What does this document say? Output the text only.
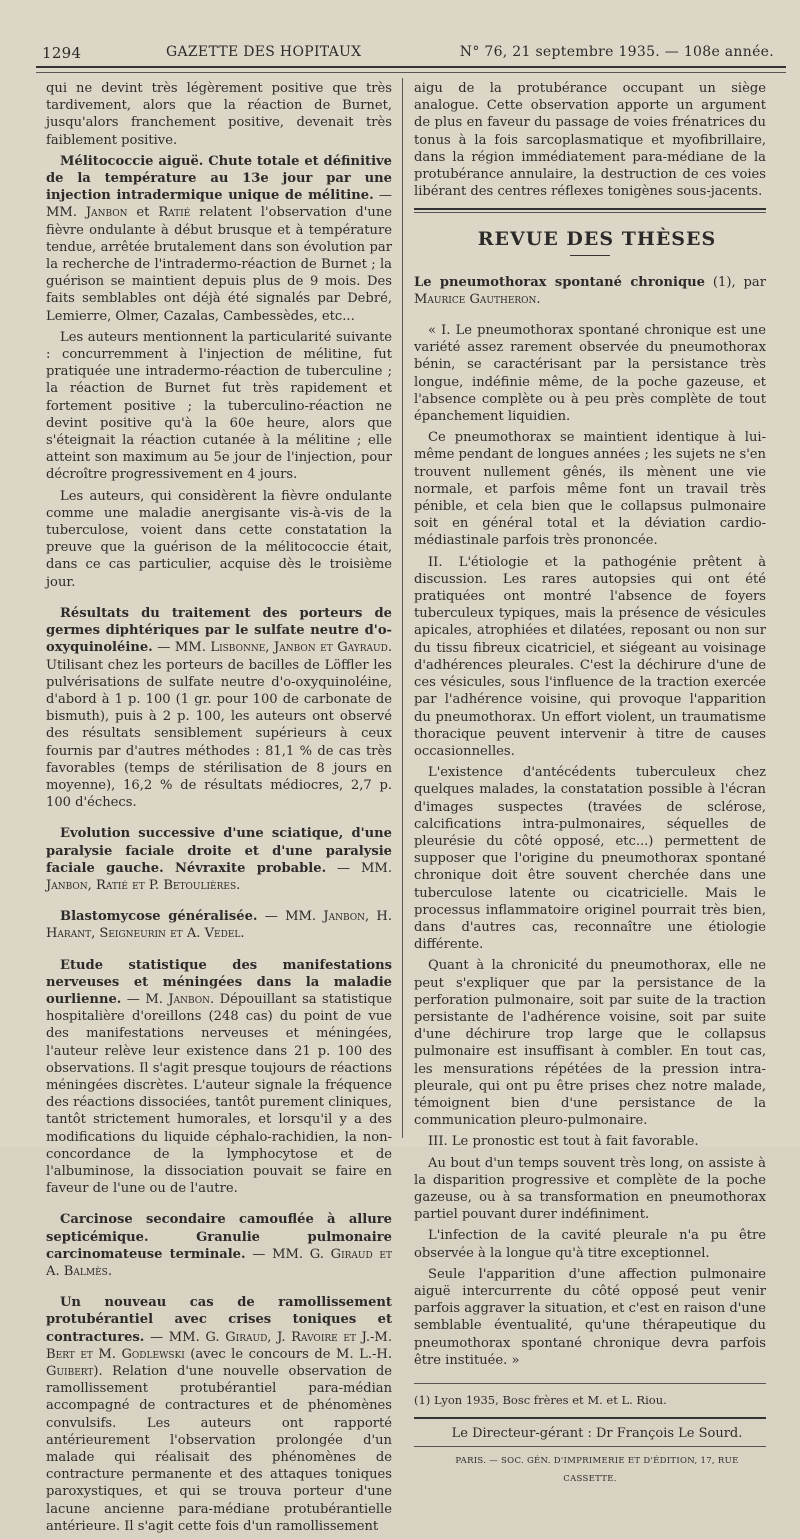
1294	GAZETTE DES HOPITAUX	N° 76, 21 septembre 1935. — 108e année.

qui ne devint très légèrement positive que très tardivement, alors que la réaction de Burnet, jusqu'alors franchement positive, devenait très faiblement positive.

Mélitococcie aiguë. Chute totale et définitive de la température au 13e jour par une injection intradermique unique de mélitine. — MM. Janbon et Ratié relatent l'observation d'une fièvre ondulante à début brusque et à température tendue, arrêtée brutalement dans son évolution par la recherche de l'intradermo-réaction de Burnet ; la guérison se maintient depuis plus de 9 mois. Des faits semblables ont déjà été signalés par Debré, Lemierre, Olmer, Cazalas, Cambessèdes, etc...

Les auteurs mentionnent la particularité suivante : concurremment à l'injection de mélitine, fut pratiquée une intradermo-réaction de tuberculine ; la réaction de Burnet fut très rapidement et fortement positive ; la tuberculino-réaction ne devint positive qu'à la 60e heure, alors que s'éteignait la réaction cutanée à la mélitine ; elle atteint son maximum au 5e jour de l'injection, pour décroître progressivement en 4 jours.

Les auteurs, qui considèrent la fièvre ondulante comme une maladie anergisante vis-à-vis de la tuberculose, voient dans cette constatation la preuve que la guérison de la mélitococcie était, dans ce cas particulier, acquise dès le troisième jour.

Résultats du traitement des porteurs de germes diphtériques par le sulfate neutre d'o-oxyquinoléine. — MM. Lisbonne, Janbon et Gayraud. Utilisant chez les porteurs de bacilles de Löffler les pulvérisations de sulfate neutre d'o-oxyquinoléine, d'abord à 1 p. 100 (1 gr. pour 100 de carbonate de bismuth), puis à 2 p. 100, les auteurs ont observé des résultats sensiblement supérieurs à ceux fournis par d'autres méthodes : 81,1 % de cas très favorables (temps de stérilisation de 8 jours en moyenne), 16,2 % de résultats médiocres, 2,7 p. 100 d'échecs.

Evolution successive d'une sciatique, d'une paralysie faciale droite et d'une paralysie faciale gauche. Névraxite probable. — MM. Janbon, Ratié et P. Betoulières.

Blastomycose généralisée. — MM. Janbon, H. Harant, Seigneurin et A. Vedel.

Etude statistique des manifestations nerveuses et méningées dans la maladie ourlienne. — M. Janbon. Dépouillant sa statistique hospitalière d'oreillons (248 cas) du point de vue des manifestations nerveuses et méningées, l'auteur relève leur existence dans 21 p. 100 des observations. Il s'agit presque toujours de réactions méningées discrètes. L'auteur signale la fréquence des réactions dissociées, tantôt purement cliniques, tantôt strictement humorales, et lorsqu'il y a des modifications du liquide céphalo-rachidien, la non-concordance de la lymphocytose et de l'albuminose, la dissociation pouvait se faire en faveur de l'une ou de l'autre.

Carcinose secondaire camouflée à allure septicémique. Granulie pulmonaire carcinomateuse terminale. — MM. G. Giraud et A. Balmès.

Un nouveau cas de ramollissement protubérantiel avec crises toniques et contractures. — MM. G. Giraud, J. Ravoire et J.-M. Bert et M. Godlewski (avec le concours de M. L.-H. Guibert). Relation d'une nouvelle observation de ramollissement protubérantiel para-médian accompagné de contractures et de phénomènes convulsifs. Les auteurs ont rapporté antérieurement l'observation prolongée d'un malade qui réalisait des phénomènes de contracture permanente et des attaques toniques paroxystiques, et qui se trouva porteur d'une lacune ancienne para-médiane protubérantielle antérieure. Il s'agit cette fois d'un ramollissement

aigu de la protubérance occupant un siège analogue. Cette observation apporte un argument de plus en faveur du passage de voies frénatrices du tonus à la fois sarcoplasmatique et myofibrillaire, dans la région immédiatement para-médiane de la protubérance annulaire, la destruction de ces voies libérant des centres réflexes tonigènes sous-jacents.

REVUE DES THÈSES

Le pneumothorax spontané chronique (1), par Maurice Gautheron.

« I. Le pneumothorax spontané chronique est une variété assez rarement observée du pneumothorax bénin, se caractérisant par la persistance très longue, indéfinie même, de la poche gazeuse, et l'absence complète ou à peu près complète de tout épanchement liquidien.

Ce pneumothorax se maintient identique à lui-même pendant de longues années ; les sujets ne s'en trouvent nullement gênés, ils mènent une vie normale, et parfois même font un travail très pénible, et cela bien que le collapsus pulmonaire soit en général total et la déviation cardio-médiastinale parfois très prononcée.

II. L'étiologie et la pathogénie prêtent à discussion. Les rares autopsies qui ont été pratiquées ont montré l'absence de foyers tuberculeux typiques, mais la présence de vésicules apicales, atrophiées et dilatées, reposant ou non sur du tissu fibreux cicatriciel, et siégeant au voisinage d'adhérences pleurales. C'est la déchirure d'une de ces vésicules, sous l'influence de la traction exercée par l'adhérence voisine, qui provoque l'apparition du pneumothorax. Un effort violent, un traumatisme thoracique peuvent intervenir à titre de causes occasionnelles.

L'existence d'antécédents tuberculeux chez quelques malades, la constatation possible à l'écran d'images suspectes (travées de sclérose, calcifications intra-pulmonaires, séquelles de pleurésie du côté opposé, etc...) permettent de supposer que l'origine du pneumothorax spontané chronique doit être souvent cherchée dans une tuberculose latente ou cicatricielle. Mais le processus inflammatoire originel pourrait très bien, dans d'autres cas, reconnaître une étiologie différente.

Quant à la chronicité du pneumothorax, elle ne peut s'expliquer que par la persistance de la perforation pulmonaire, soit par suite de la traction persistante de l'adhérence voisine, soit par suite d'une déchirure trop large que le collapsus pulmonaire est insuffisant à combler. En tout cas, les mensurations répétées de la pression intra-pleurale, qui ont pu être prises chez notre malade, témoignent bien d'une persistance de la communication pleuro-pulmonaire.

III. Le pronostic est tout à fait favorable.

Au bout d'un temps souvent très long, on assiste à la disparition progressive et complète de la poche gazeuse, ou à sa transformation en pneumothorax partiel pouvant durer indéfiniment.

L'infection de la cavité pleurale n'a pu être observée à la longue qu'à titre exceptionnel.

Seule l'apparition d'une affection pulmonaire aiguë intercurrente du côté opposé peut venir parfois aggraver la situation, et c'est en raison d'une semblable éventualité, qu'une thérapeutique du pneumothorax spontané chronique devra parfois être instituée. »

(1) Lyon 1935, Bosc frères et M. et L. Riou.

Le Directeur-gérant : Dr François Le Sourd.

PARIS. — SOC. GÉN. D'IMPRIMERIE ET D'ÉDITION, 17, RUE CASSETTE.
